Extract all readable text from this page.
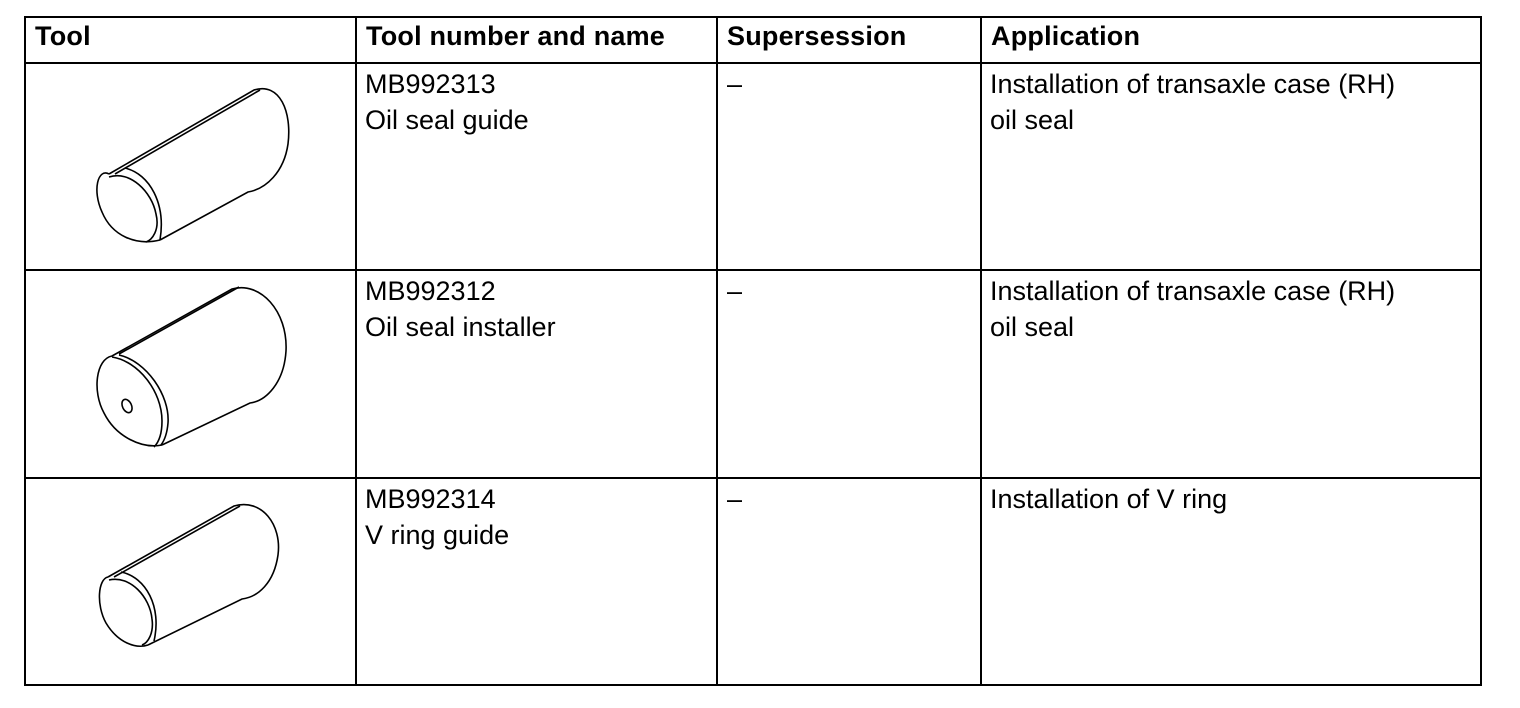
Tool	Tool number and name	Supersession	Application

MB992313
Oil seal guide	–	Installation of transaxle case (RH)
oil seal

MB992312
Oil seal installer	–	Installation of transaxle case (RH)
oil seal

MB992314
V ring guide	–	Installation of V ring
